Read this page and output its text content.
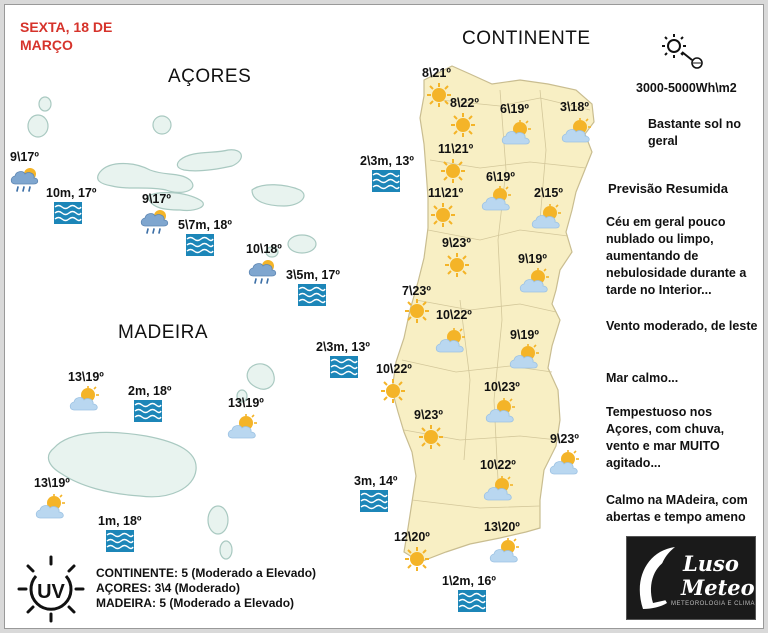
SEXTA, 18 DE MARÇO	CONTINENTE
AÇORES
MADEIRA
8\21º
8\22º 6\19º 3\18º
11\21º
11\21º
6\19º
2\15º
9\23º
9\19º
7\23º
10\22º
9\19º
10\22º
10\23º
9\23º
9\23º
10\22º
12\20º
13\20º
9\17º
9\17º
10\18º
13\19º
13\19º
13\19º
2\3m, 13º
10m, 17º
5\7m, 18º
3\5m, 17º
2\3m, 13º
2m, 18º
3m, 14º
1m, 18º
1\2m, 16º
3000-5000Wh\m2
Bastante sol no geral
Previsão Resumida
Céu em geral pouco nublado ou limpo, aumentando de nebulosidade durante a tarde no Interior...
Vento moderado, de leste
Mar calmo...
Tempestuoso nos Açores, com chuva, vento e mar MUITO agitado...
Calmo na MAdeira, com abertas e tempo ameno
UV
CONTINENTE: 5 (Moderado a Elevado)
AÇORES: 3\4 (Moderado)
MADEIRA: 5 (Moderado a Elevado)
Luso
Meteo
METEOROLOGIA E CLIMA
